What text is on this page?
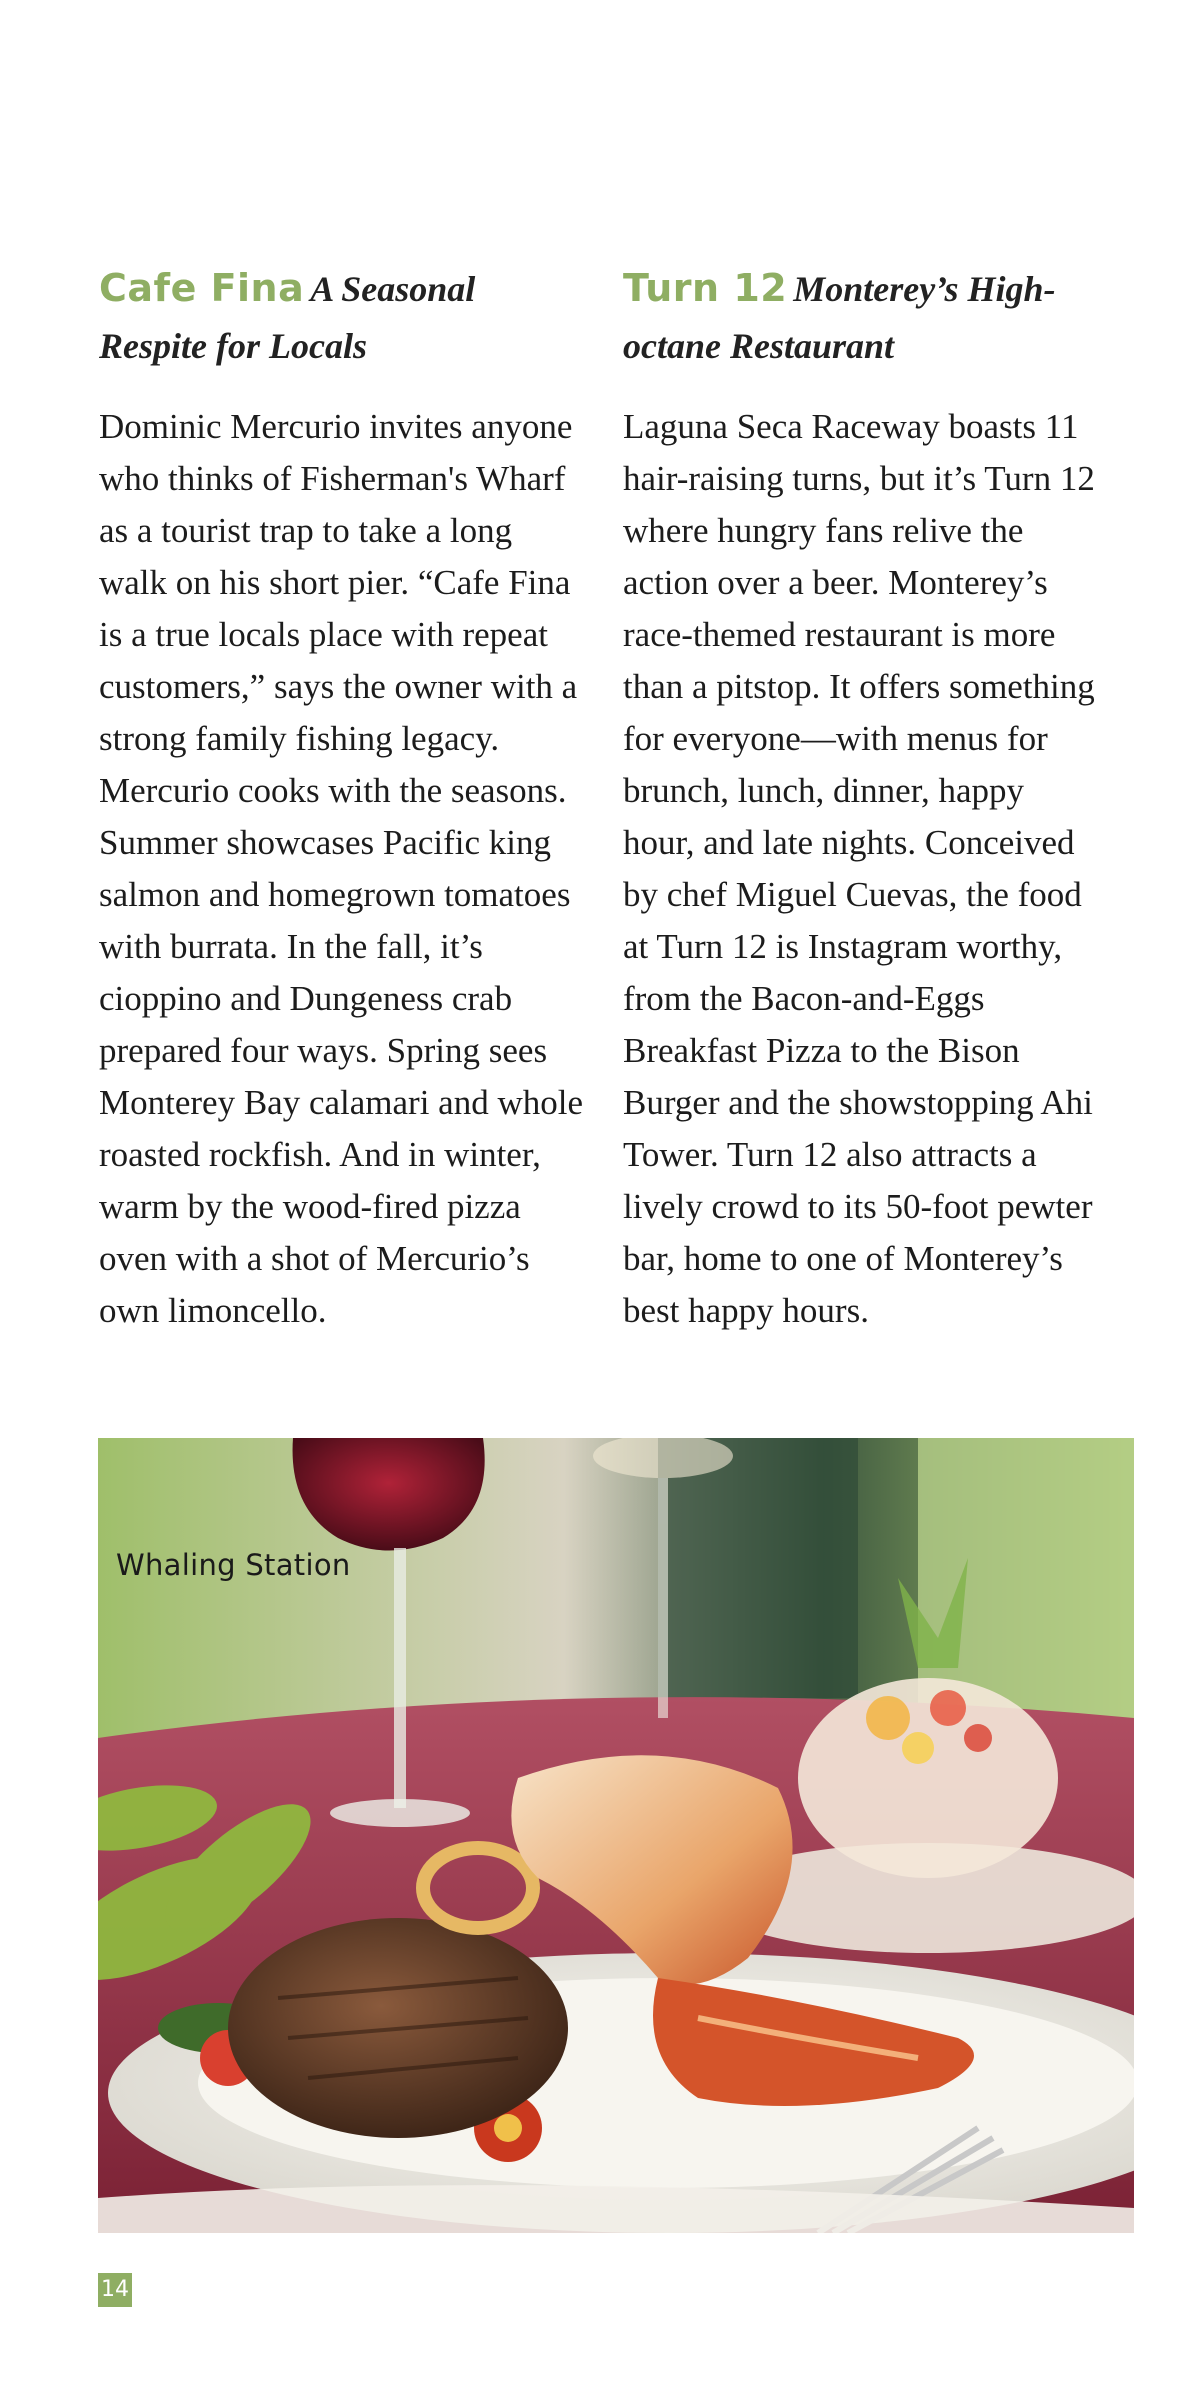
Cafe Fina A Seasonal Respite for Locals

Dominic Mercurio invites anyone who thinks of Fisherman's Wharf as a tourist trap to take a long walk on his short pier. “Cafe Fina is a true locals place with repeat customers,” says the owner with a strong family fishing legacy. Mercurio cooks with the seasons. Summer showcases Pacific king salmon and homegrown tomatoes with burrata. In the fall, it’s cioppino and Dungeness crab prepared four ways. Spring sees Monterey Bay calamari and whole roasted rockfish. And in winter, warm by the wood-fired pizza oven with a shot of Mercurio’s own limoncello.

Turn 12 Monterey’s High-octane Restaurant

Laguna Seca Raceway boasts 11 hair-raising turns, but it’s Turn 12 where hungry fans relive the action over a beer. Monterey’s race-themed restaurant is more than a pitstop. It offers something for everyone—with menus for brunch, lunch, dinner, happy hour, and late nights. Conceived by chef Miguel Cuevas, the food at Turn 12 is Instagram worthy, from the Bacon-and-Eggs Breakfast Pizza to the Bison Burger and the showstopping Ahi Tower. Turn 12 also attracts a lively crowd to its 50-foot pewter bar, home to one of Monterey’s best happy hours.

Whaling Station
14
